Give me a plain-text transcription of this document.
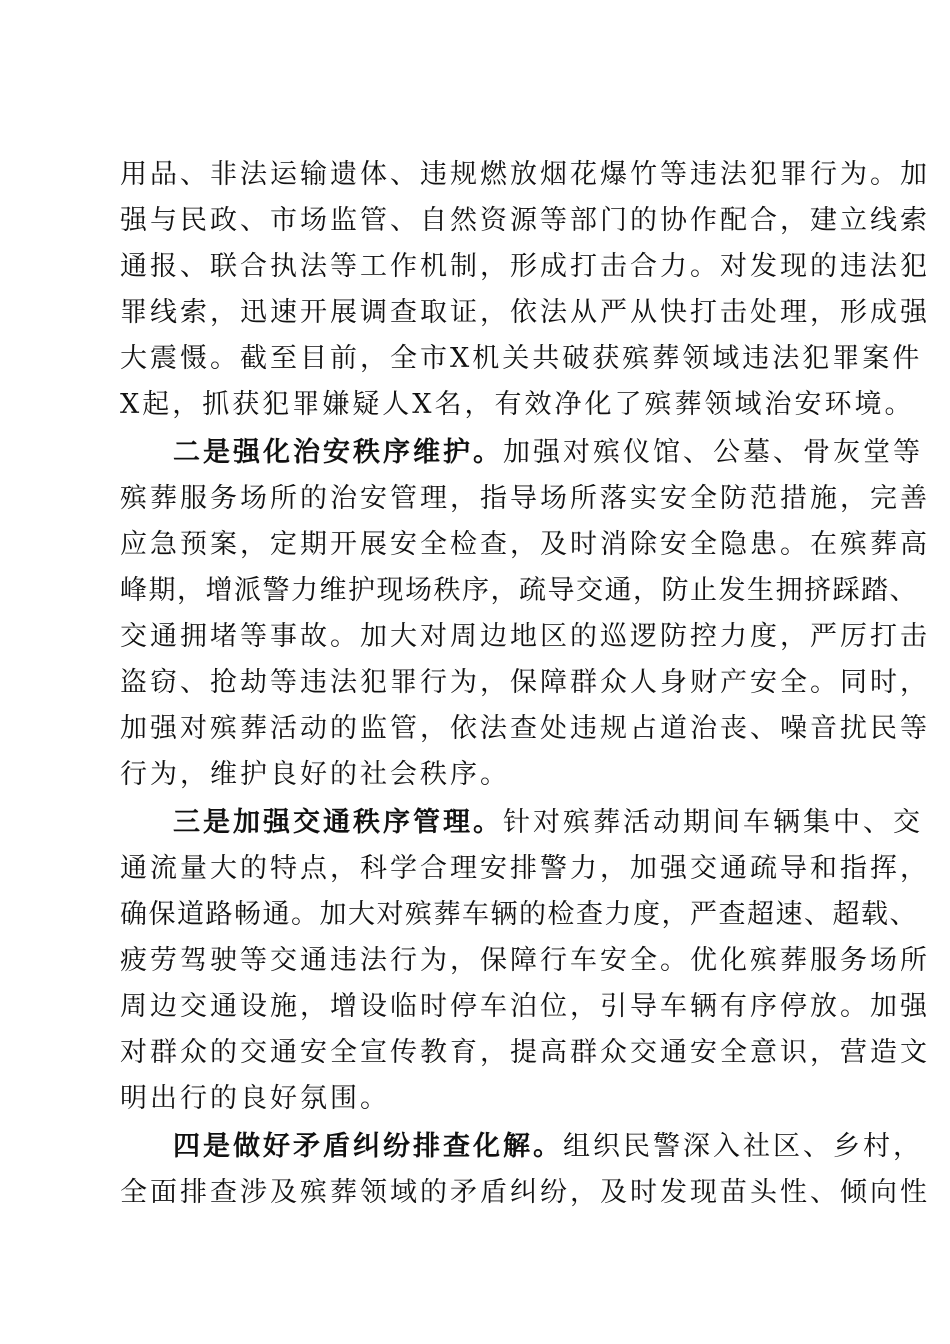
用品、非法运输遗体、违规燃放烟花爆竹等违法犯罪行为。加
强与民政、市场监管、自然资源等部门的协作配合，建立线索
通报、联合执法等工作机制，形成打击合力。对发现的违法犯
罪线索，迅速开展调查取证，依法从严从快打击处理，形成强
大震慑。截至目前，全市X机关共破获殡葬领域违法犯罪案件
X起，抓获犯罪嫌疑人X名，有效净化了殡葬领域治安环境。
二是强化治安秩序维护。加强对殡仪馆、公墓、骨灰堂等
殡葬服务场所的治安管理，指导场所落实安全防范措施，完善
应急预案，定期开展安全检查，及时消除安全隐患。在殡葬高
峰期，增派警力维护现场秩序，疏导交通，防止发生拥挤踩踏、
交通拥堵等事故。加大对周边地区的巡逻防控力度，严厉打击
盗窃、抢劫等违法犯罪行为，保障群众人身财产安全。同时，
加强对殡葬活动的监管，依法查处违规占道治丧、噪音扰民等
行为，维护良好的社会秩序。
三是加强交通秩序管理。针对殡葬活动期间车辆集中、交
通流量大的特点，科学合理安排警力，加强交通疏导和指挥，
确保道路畅通。加大对殡葬车辆的检查力度，严查超速、超载、
疲劳驾驶等交通违法行为，保障行车安全。优化殡葬服务场所
周边交通设施，增设临时停车泊位，引导车辆有序停放。加强
对群众的交通安全宣传教育，提高群众交通安全意识，营造文
明出行的良好氛围。
四是做好矛盾纠纷排查化解。组织民警深入社区、乡村，
全面排查涉及殡葬领域的矛盾纠纷，及时发现苗头性、倾向性
